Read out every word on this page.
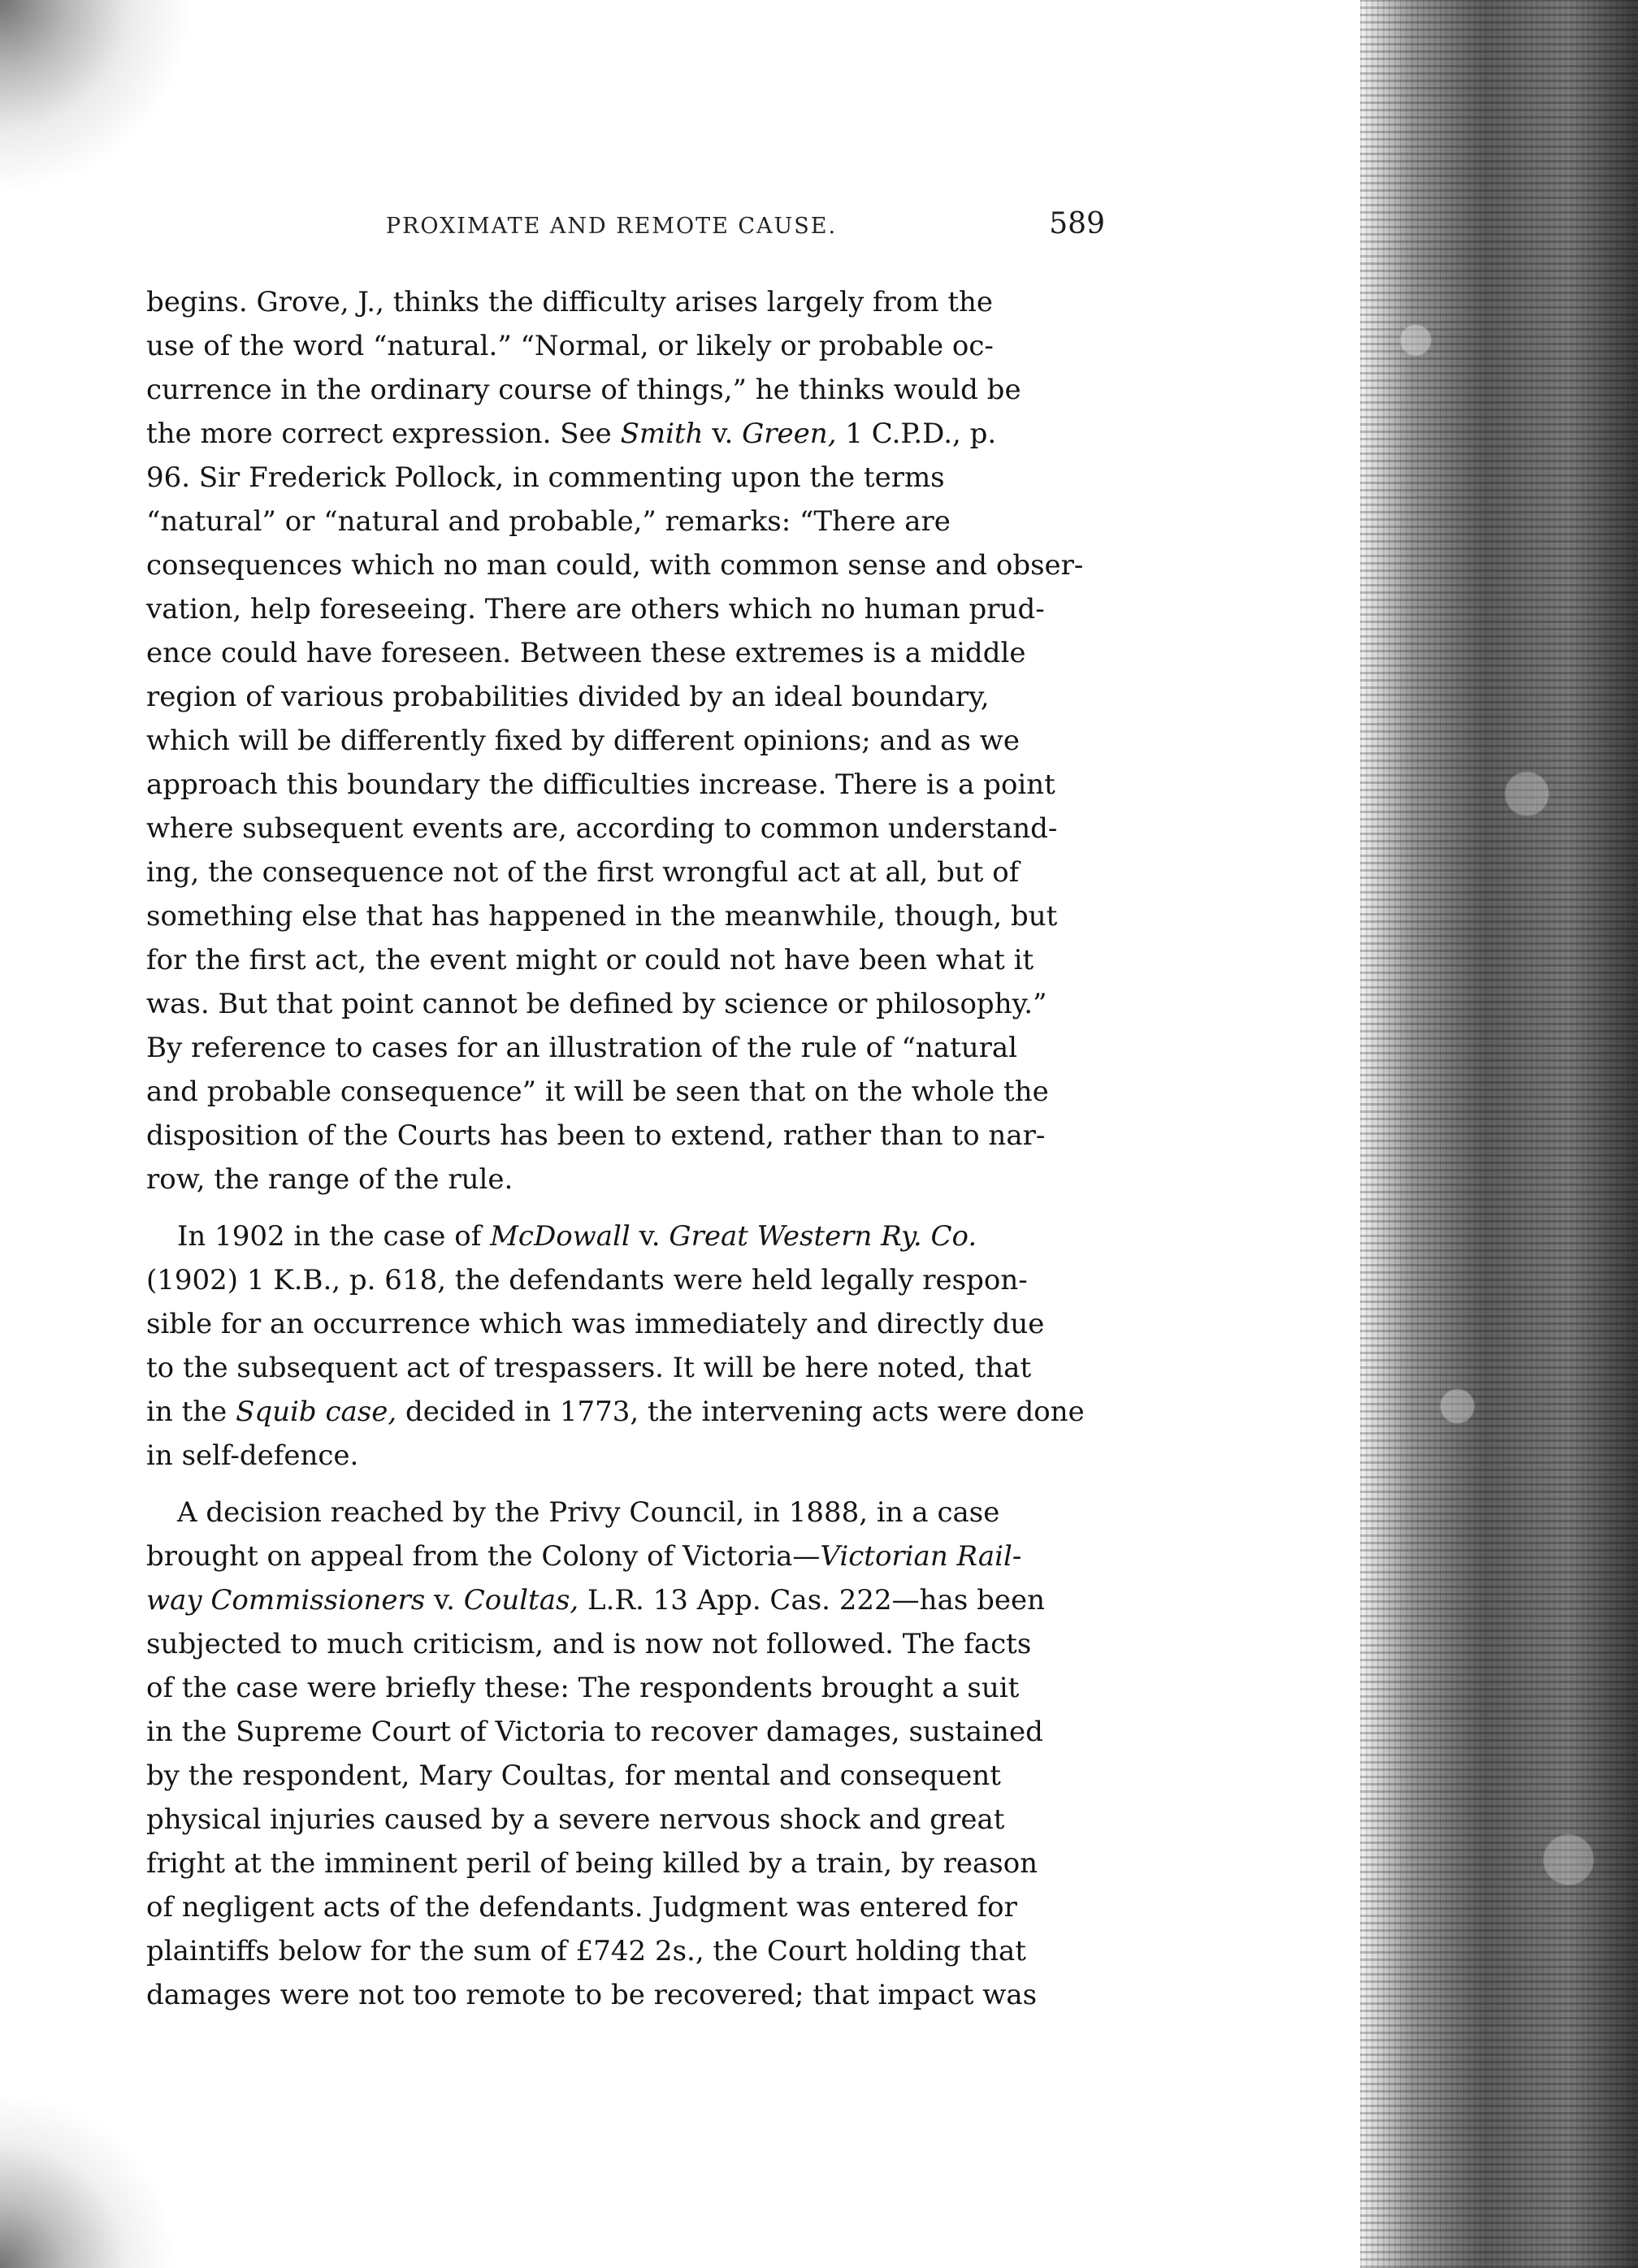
PROXIMATE AND REMOTE CAUSE.	589
begins. Grove, J., thinks the difficulty arises largely from the
use of the word “natural.” “Normal, or likely or probable oc-
currence in the ordinary course of things,” he thinks would be
the more correct expression. See Smith v. Green, 1 C.P.D., p.
96. Sir Frederick Pollock, in commenting upon the terms
“natural” or “natural and probable,” remarks: “There are
consequences which no man could, with common sense and obser-
vation, help foreseeing. There are others which no human prud-
ence could have foreseen. Between these extremes is a middle
region of various probabilities divided by an ideal boundary,
which will be differently fixed by different opinions; and as we
approach this boundary the difficulties increase. There is a point
where subsequent events are, according to common understand-
ing, the consequence not of the first wrongful act at all, but of
something else that has happened in the meanwhile, though, but
for the first act, the event might or could not have been what it
was. But that point cannot be defined by science or philosophy.”
By reference to cases for an illustration of the rule of “natural
and probable consequence” it will be seen that on the whole the
disposition of the Courts has been to extend, rather than to nar-
row, the range of the rule.
In 1902 in the case of McDowall v. Great Western Ry. Co.
(1902) 1 K.B., p. 618, the defendants were held legally respon-
sible for an occurrence which was immediately and directly due
to the subsequent act of trespassers. It will be here noted, that
in the Squib case, decided in 1773, the intervening acts were done
in self-defence.
A decision reached by the Privy Council, in 1888, in a case
brought on appeal from the Colony of Victoria—Victorian Rail-
way Commissioners v. Coultas, L.R. 13 App. Cas. 222—has been
subjected to much criticism, and is now not followed. The facts
of the case were briefly these: The respondents brought a suit
in the Supreme Court of Victoria to recover damages, sustained
by the respondent, Mary Coultas, for mental and consequent
physical injuries caused by a severe nervous shock and great
fright at the imminent peril of being killed by a train, by reason
of negligent acts of the defendants. Judgment was entered for
plaintiffs below for the sum of £742 2s., the Court holding that
damages were not too remote to be recovered; that impact was
